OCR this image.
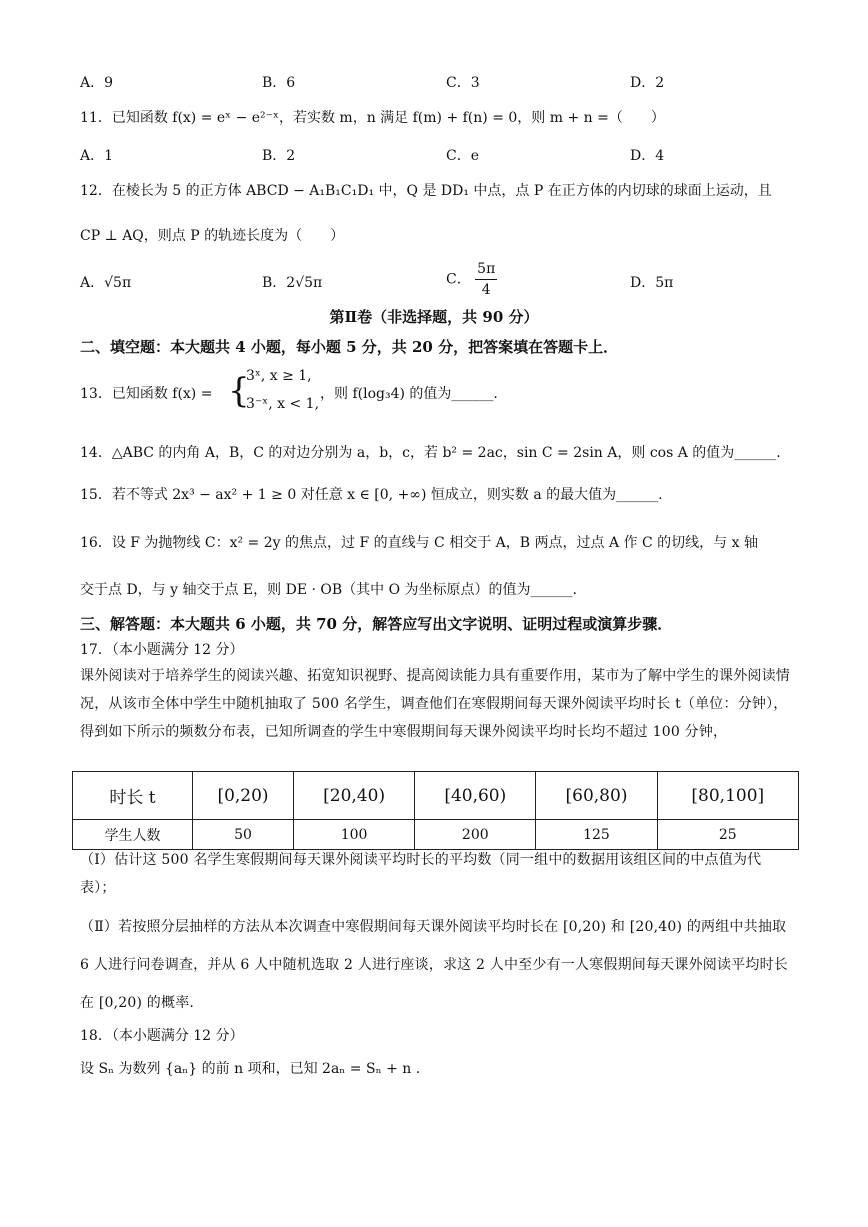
A．9	B．6	C．3	D．2
11．已知函数 f(x) = eˣ − e²⁻ˣ，若实数 m，n 满足 f(m) + f(n) = 0，则 m + n =（　　）
A．1	B．2	C．e	D．4
12．在棱长为 5 的正方体 ABCD − A₁B₁C₁D₁ 中，Q 是 DD₁ 中点，点 P 在正方体的内切球的球面上运动，且
CP ⊥ AQ，则点 P 的轨迹长度为（　　）
A．√5π	B．2√5π	C． $\frac{5\pi}{4}$	D．5π
第Ⅱ卷（非选择题，共 90 分）
二、填空题：本大题共 4 小题，每小题 5 分，共 20 分，把答案填在答题卡上．
13．已知函数 f(x) = {
3ˣ, x ≥ 1,
3⁻ˣ, x < 1,
，则 f(log₃4) 的值为______.
14．△ABC 的内角 A，B，C 的对边分别为 a，b，c，若 b² = 2ac，sin C = 2sin A，则 cos A 的值为______.
15．若不等式 2x³ − ax² + 1 ≥ 0 对任意 x ∈ [0, +∞) 恒成立，则实数 a 的最大值为______.
16．设 F 为抛物线 C：x² = 2y 的焦点，过 F 的直线与 C 相交于 A，B 两点，过点 A 作 C 的切线，与 x 轴
交于点 D，与 y 轴交于点 E，则 DE · OB（其中 O 为坐标原点）的值为______.
三、解答题：本大题共 6 小题，共 70 分，解答应写出文字说明、证明过程或演算步骤．
17．（本小题满分 12 分）
课外阅读对于培养学生的阅读兴趣、拓宽知识视野、提高阅读能力具有重要作用，某市为了解中学生的课外阅读情况，从该市全体中学生中随机抽取了 500 名学生，调查他们在寒假期间每天课外阅读平均时长 t（单位：分钟），得到如下所示的频数分布表，已知所调查的学生中寒假期间每天课外阅读平均时长均不超过 100 分钟，
时长 t	[0,20)	[20,40)	[40,60)	[60,80)	[80,100]
学生人数	50	100	200	125	25
（Ⅰ）估计这 500 名学生寒假期间每天课外阅读平均时长的平均数（同一组中的数据用该组区间的中点值为代表）；
（Ⅱ）若按照分层抽样的方法从本次调查中寒假期间每天课外阅读平均时长在 [0,20) 和 [20,40) 的两组中共抽取 6 人进行问卷调查，并从 6 人中随机选取 2 人进行座谈，求这 2 人中至少有一人寒假期间每天课外阅读平均时长在 [0,20) 的概率.
18．（本小题满分 12 分）
设 Sₙ 为数列 {aₙ} 的前 n 项和，已知 2aₙ = Sₙ + n .
